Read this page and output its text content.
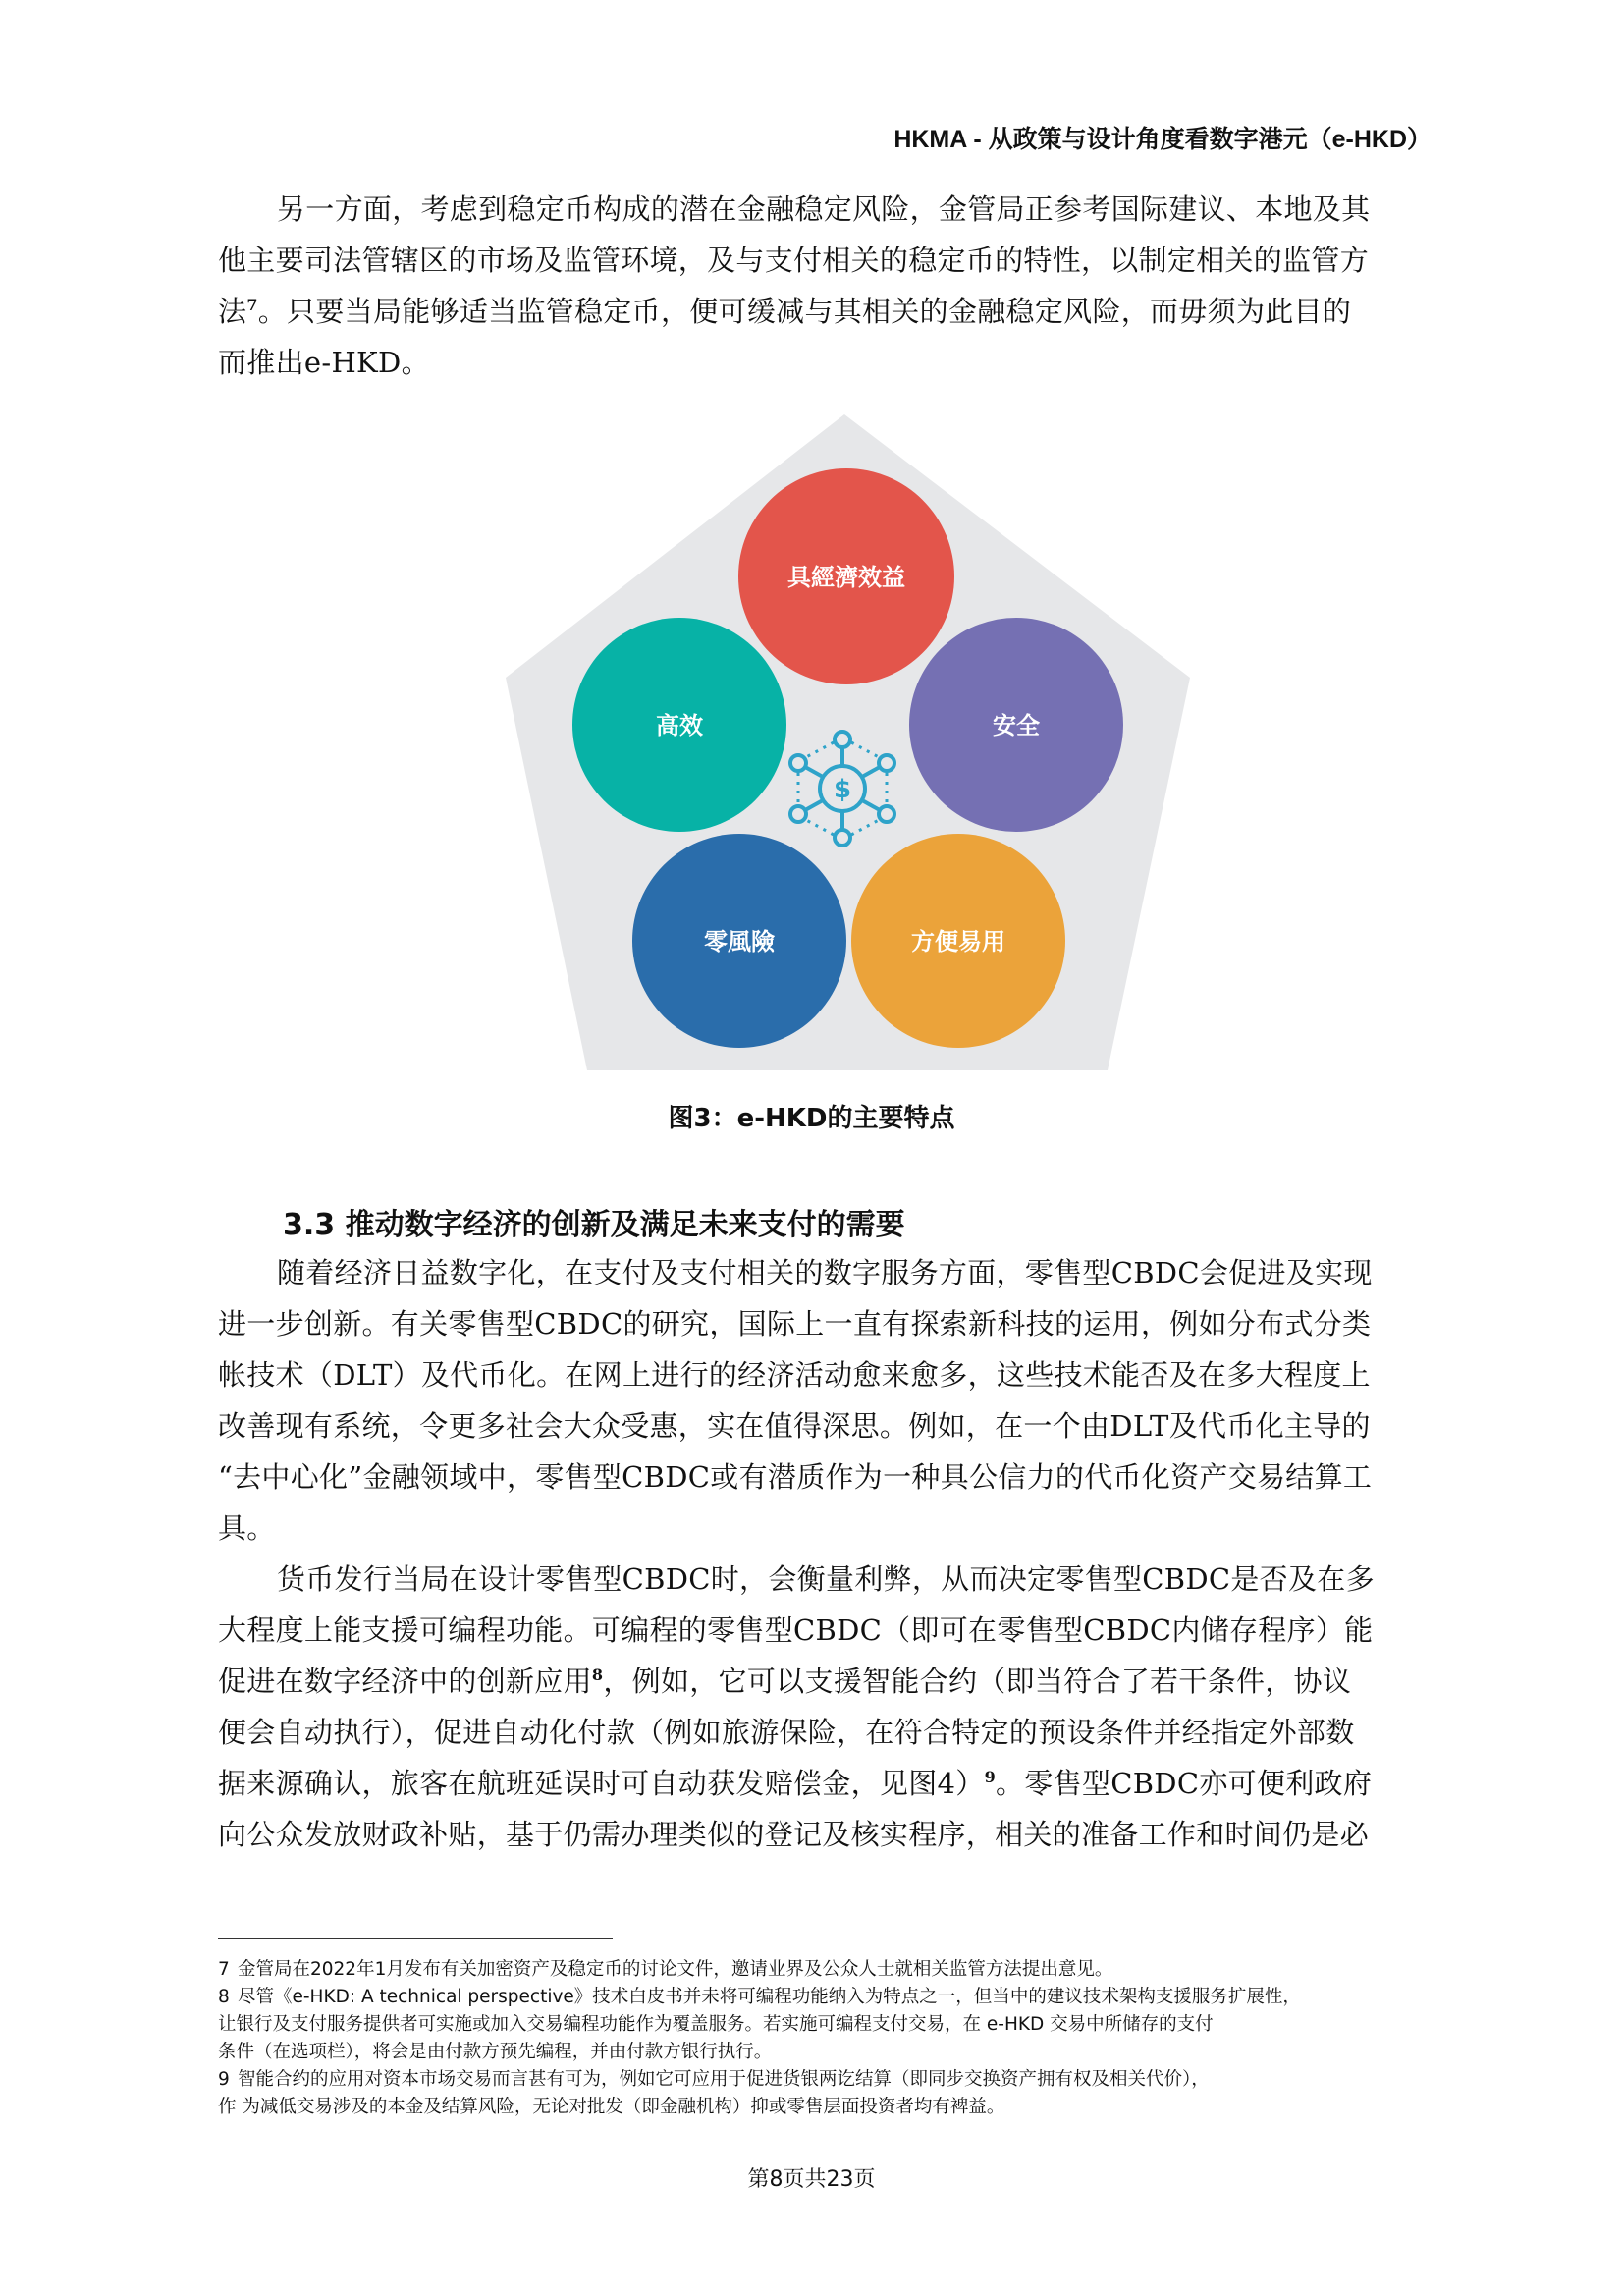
HKMA - 从政策与设计角度看数字港元（e-HKD）
另一方面，考虑到稳定币构成的潜在金融稳定风险，金管局正参考国际建议、本地及其
他主要司法管辖区的市场及监管环境，及与支付相关的稳定币的特性，以制定相关的监管方
法$^7$。只要当局能够适当监管稳定币，便可缓减与其相关的金融稳定风险，而毋须为此目的
而推出e-HKD。
$
具經濟效益
安全
方便易用
零風險
高效
图3：e-HKD的主要特点
3.3 推动数字经济的创新及满足未来支付的需要
随着经济日益数字化，在支付及支付相关的数字服务方面，零售型CBDC会促进及实现
进一步创新。有关零售型CBDC的研究，国际上一直有探索新科技的运用，例如分布式分类
帐技术（DLT）及代币化。在网上进行的经济活动愈来愈多，这些技术能否及在多大程度上
改善现有系统，令更多社会大众受惠，实在值得深思。例如，在一个由DLT及代币化主导的
“去中心化”金融领域中，零售型CBDC或有潜质作为一种具公信力的代币化资产交易结算工
具。
货币发行当局在设计零售型CBDC时，会衡量利弊，从而决定零售型CBDC是否及在多
大程度上能支援可编程功能。可编程的零售型CBDC（即可在零售型CBDC内储存程序）能
促进在数字经济中的创新应用$^8$，例如，它可以支援智能合约（即当符合了若干条件，协议
便会自动执行），促进自动化付款（例如旅游保险，在符合特定的预设条件并经指定外部数
据来源确认，旅客在航班延误时可自动获发赔偿金，见图4）$^9$。零售型CBDC亦可便利政府
向公众发放财政补贴，基于仍需办理类似的登记及核实程序，相关的准备工作和时间仍是必
7 金管局在2022年1月发布有关加密资产及稳定币的讨论文件，邀请业界及公众人士就相关监管方法提出意见。
8 尽管《e-HKD: A technical perspective》技术白皮书并未将可编程功能纳入为特点之一，但当中的建议技术架构支援服务扩展性，
让银行及支付服务提供者可实施或加入交易编程功能作为覆盖服务。若实施可编程支付交易，在 e-HKD 交易中所储存的支付
条件（在选项栏），将会是由付款方预先编程，并由付款方银行执行。
9 智能合约的应用对资本市场交易而言甚有可为，例如它可应用于促进货银两讫结算（即同步交换资产拥有权及相关代价），
作 为减低交易涉及的本金及结算风险，无论对批发（即金融机构）抑或零售层面投资者均有裨益。
第8页共23页
